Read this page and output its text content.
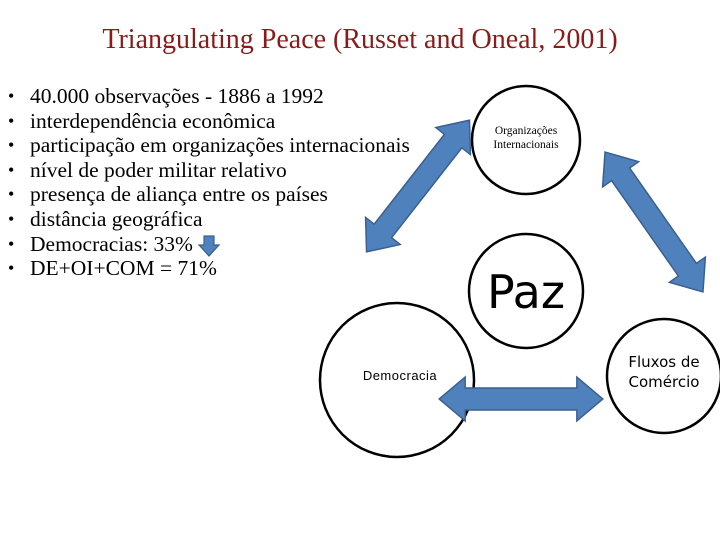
Triangulating Peace (Russet and Oneal, 2001)
• 40.000 observações - 1886 a 1992
• interdependência econômica
• participação em organizações internacionais
• nível de poder militar relativo
• presença de aliança entre os países
• distância geográfica
• Democracias: 33%
• DE+OI+COM = 71%
Organizações
Internacionais
Paz
Democracia
Fluxos de
Comércio
